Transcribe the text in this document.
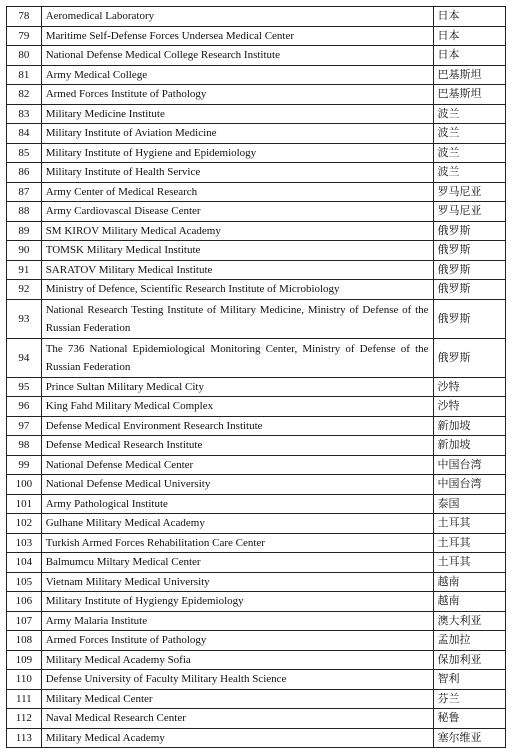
78	Aeromedical Laboratory	日本
79	Maritime Self-Defense Forces Undersea Medical Center	日本
80	National Defense Medical College Research Institute	日本
81	Army Medical College	巴基斯坦
82	Armed Forces Institute of Pathology	巴基斯坦
83	Military Medicine Institute	波兰
84	Military Institute of Aviation Medicine	波兰
85	Military Institute of Hygiene and Epidemiology	波兰
86	Military Institute of Health Service	波兰
87	Army Center of Medical Research	罗马尼亚
88	Army Cardiovascal Disease Center	罗马尼亚
89	SM KIROV Military Medical Academy	俄罗斯
90	TOMSK Military Medical Institute	俄罗斯
91	SARATOV Military Medical Institute	俄罗斯
92	Ministry of Defence, Scientific Research Institute of Microbiology	俄罗斯
93	National Research Testing Institute of Military Medicine, Ministry of Defense of the Russian Federation	俄罗斯
94	The 736 National Epidemiological Monitoring Center, Ministry of Defense of the Russian Federation	俄罗斯
95	Prince Sultan Military Medical City	沙特
96	King Fahd Military Medical Complex	沙特
97	Defense Medical Environment Research Institute	新加坡
98	Defense Medical Research Institute	新加坡
99	National Defense Medical Center	中国台湾
100	National Defense Medical University	中国台湾
101	Army Pathological Institute	泰国
102	Gulhane Military Medical Academy	土耳其
103	Turkish Armed Forces Rehabilitation Care Center	土耳其
104	Balmumcu Miltary Medical Center	土耳其
105	Vietnam Military Medical University	越南
106	Military Institute of Hygiengy Epidemiology	越南
107	Army Malaria Institute	澳大利亚
108	Armed Forces Institute of Pathology	孟加拉
109	Military Medical Academy Sofia	保加利亚
110	Defense University of Faculty Military Health Science	智利
111	Military Medical Center	芬兰
112	Naval Medical Research Center	秘鲁
113	Military Medical Academy	塞尔维亚
